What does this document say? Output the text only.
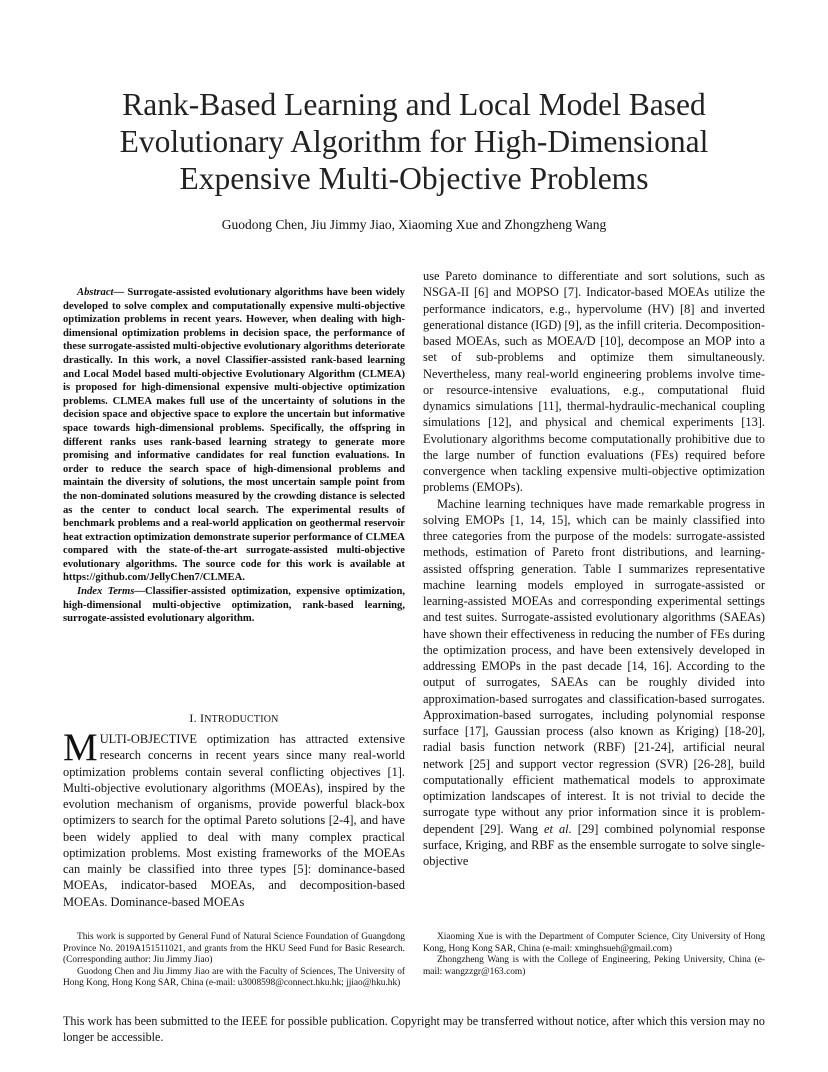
Rank-Based Learning and Local Model Based
Evolutionary Algorithm for High-Dimensional
Expensive Multi-Objective Problems
Guodong Chen, Jiu Jimmy Jiao, Xiaoming Xue and Zhongzheng Wang

Abstract— Surrogate-assisted evolutionary algorithms have been widely developed to solve complex and computationally expensive multi-objective optimization problems in recent years. However, when dealing with high-dimensional optimization problems in decision space, the performance of these surrogate-assisted multi-objective evolutionary algorithms deteriorate drastically. In this work, a novel Classifier-assisted rank-based learning and Local Model based multi-objective Evolutionary Algorithm (CLMEA) is proposed for high-dimensional expensive multi-objective optimization problems. CLMEA makes full use of the uncertainty of solutions in the decision space and objective space to explore the uncertain but informative space towards high-dimensional problems. Specifically, the offspring in different ranks uses rank-based learning strategy to generate more promising and informative candidates for real function evaluations. In order to reduce the search space of high-dimensional problems and maintain the diversity of solutions, the most uncertain sample point from the non-dominated solutions measured by the crowding distance is selected as the center to conduct local search. The experimental results of benchmark problems and a real-world application on geothermal reservoir heat extraction optimization demonstrate superior performance of CLMEA compared with the state-of-the-art surrogate-assisted multi-objective evolutionary algorithms. The source code for this work is available at https://github.com/JellyChen7/CLMEA.

Index Terms—Classifier-assisted optimization, expensive optimization, high-dimensional multi-objective optimization, rank-based learning, surrogate-assisted evolutionary algorithm.

I. INTRODUCTION
MULTI-OBJECTIVE optimization has attracted extensive research concerns in recent years since many real-world optimization problems contain several conflicting objectives [1]. Multi-objective evolutionary algorithms (MOEAs), inspired by the evolution mechanism of organisms, provide powerful black-box optimizers to search for the optimal Pareto solutions [2-4], and have been widely applied to deal with many complex practical optimization problems. Most existing frameworks of the MOEAs can mainly be classified into three types [5]: dominance-based MOEAs, indicator-based MOEAs, and decomposition-based MOEAs. Dominance-based MOEAs

use Pareto dominance to differentiate and sort solutions, such as NSGA-II [6] and MOPSO [7]. Indicator-based MOEAs utilize the performance indicators, e.g., hypervolume (HV) [8] and inverted generational distance (IGD) [9], as the infill criteria. Decomposition-based MOEAs, such as MOEA/D [10], decompose an MOP into a set of sub-problems and optimize them simultaneously. Nevertheless, many real-world engineering problems involve time- or resource-intensive evaluations, e.g., computational fluid dynamics simulations [11], thermal-hydraulic-mechanical coupling simulations [12], and physical and chemical experiments [13]. Evolutionary algorithms become computationally prohibitive due to the large number of function evaluations (FEs) required before convergence when tackling expensive multi-objective optimization problems (EMOPs).

Machine learning techniques have made remarkable progress in solving EMOPs [1, 14, 15], which can be mainly classified into three categories from the purpose of the models: surrogate-assisted methods, estimation of Pareto front distributions, and learning-assisted offspring generation. Table I summarizes representative machine learning models employed in surrogate-assisted or learning-assisted MOEAs and corresponding experimental settings and test suites. Surrogate-assisted evolutionary algorithms (SAEAs) have shown their effectiveness in reducing the number of FEs during the optimization process, and have been extensively developed in addressing EMOPs in the past decade [14, 16]. According to the output of surrogates, SAEAs can be roughly divided into approximation-based surrogates and classification-based surrogates. Approximation-based surrogates, including polynomial response surface [17], Gaussian process (also known as Kriging) [18-20], radial basis function network (RBF) [21-24], artificial neural network [25] and support vector regression (SVR) [26-28], build computationally efficient mathematical models to approximate optimization landscapes of interest. It is not trivial to decide the surrogate type without any prior information since it is problem-dependent [29]. Wang et al. [29] combined polynomial response surface, Kriging, and RBF as the ensemble surrogate to solve single-objective

This work is supported by General Fund of Natural Science Foundation of Guangdong Province No. 2019A151511021, and grants from the HKU Seed Fund for Basic Research. (Corresponding author: Jiu Jimmy Jiao)

Guodong Chen and Jiu Jimmy Jiao are with the Faculty of Sciences, The University of Hong Kong, Hong Kong SAR, China (e-mail: u3008598@connect.hku.hk; jjiao@hku.hk)

Xiaoming Xue is with the Department of Computer Science, City University of Hong Kong, Hong Kong SAR, China (e-mail: xminghsueh@gmail.com)

Zhongzheng Wang is with the College of Engineering, Peking University, China (e-mail: wangzzgr@163.com)

This work has been submitted to the IEEE for possible publication. Copyright may be transferred without notice, after which this version may no longer be accessible.
